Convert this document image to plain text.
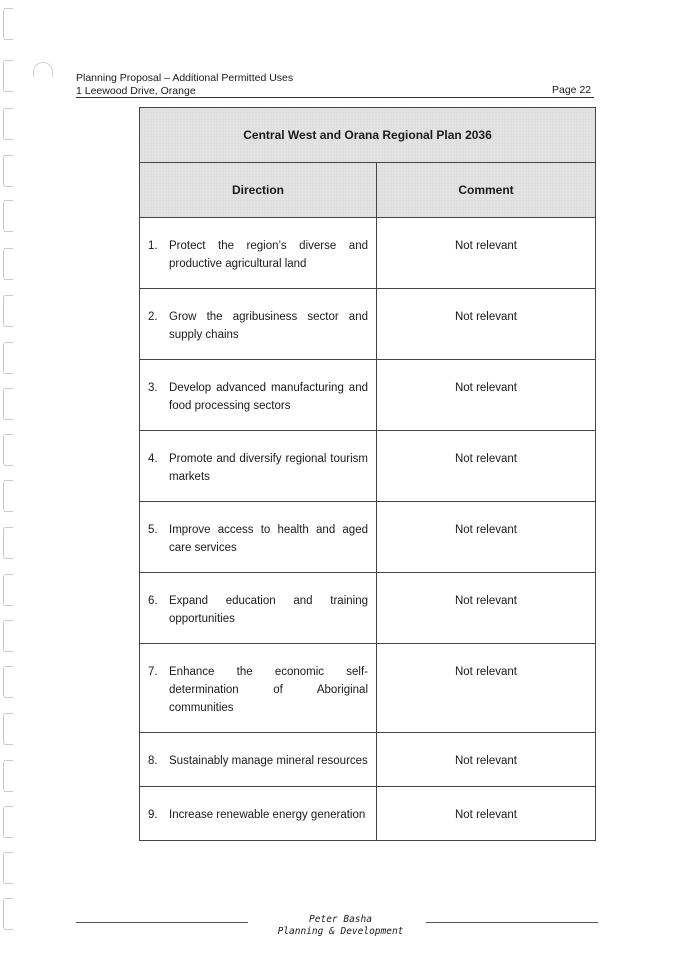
Planning Proposal – Additional Permitted Uses
1 Leewood Drive, Orange	Page 22
Central West and Orana Regional Plan 2036	
Direction	Comment

1. Protect the region’s diverse and productive agricultural land	Not relevant

2. Grow the agribusiness sector and supply chains	Not relevant

3. Develop advanced manufacturing and food processing sectors	Not relevant

4. Promote and diversify regional tourism markets	Not relevant

5. Improve access to health and aged care services	Not relevant

6. Expand education and training opportunities	Not relevant

7. Enhance the economic self-determination of Aboriginal communities	Not relevant

8. Sustainably manage mineral resources	Not relevant

9. Increase renewable energy generation	Not relevant
Peter Basha
Planning & Development
